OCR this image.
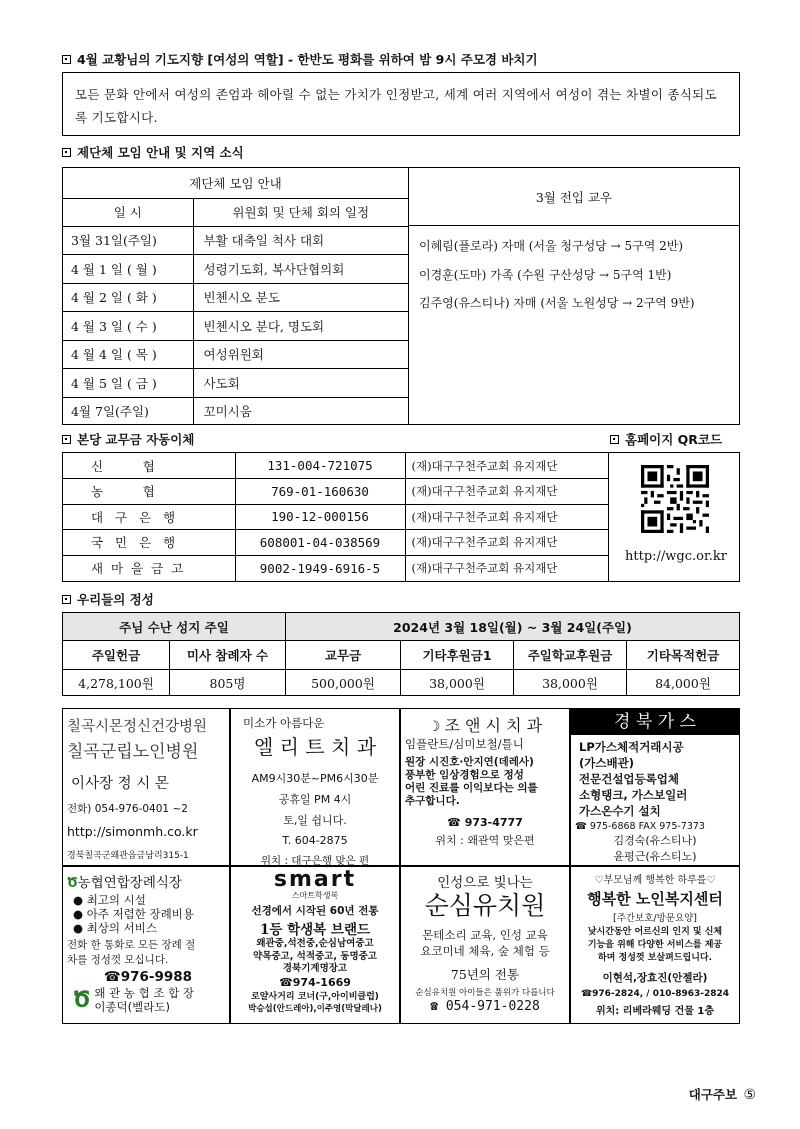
4월 교황님의 기도지향 [여성의 역할] - 한반도 평화를 위하여 밤 9시 주모경 바치기
모든 문화 안에서 여성의 존엄과 헤아릴 수 없는 가치가 인정받고, 세계 여러 지역에서 여성이 겪는 차별이 종식되도록 기도합시다.
제단체 모임 안내 및 지역 소식
제단체 모임 안내	
일 시	위원회 및 단체 회의 일정
3월 31일(주일)	부활 대축일 척사 대회
4 월 1 일 ( 월 )	성령기도회, 복사단협의회
4 월 2 일 ( 화 )	빈첸시오 분도
4 월 3 일 ( 수 )	빈첸시오 분다, 명도회
4 월 4 일 ( 목 )	여성위원회
4 월 5 일 ( 금 )	사도회
4월 7일(주일)	꼬미시움
3월 전입 교우
이혜림(플로라) 자매 (서울 청구성당 → 5구역 2반)
이경훈(도마) 가족 (수원 구산성당 → 5구역 1반)
김주영(유스티나) 자매 (서울 노원성당 → 2구역 9반)
본당 교무금 자동이체	홈페이지 QR코드
신          협	131-004-721075	(재)대구구천주교회 유지재단
농          협	769-01-160630	(재)대구구천주교회 유지재단
대   구   은   행	190-12-000156	(재)대구구천주교회 유지재단
국   민   은   행	608001-04-038569	(재)대구구천주교회 유지재단
새  마  을  금  고	9002-1949-6916-5	(재)대구구천주교회 유지재단
http://wgc.or.kr
우리들의 정성
주님 수난 성지 주일		2024년 3월 18일(월) ~ 3월 24일(주일)			
주일헌금	미사 참례자 수	교무금	기타후원금1	주일학교후원금	기타목적헌금
4,278,100원	805명	500,000원	38,000원	38,000원	84,000원
칠곡시몬정신건강병원
칠곡군립노인병원
이사장 정 시 몬
전화) 054-976-0401 ~2
http://simonmh.co.kr
경북칠곡군왜관읍금남리315-1
미소가 아름다운
엘 리 트 치 과
AM9시30분~PM6시30분
공휴일 PM 4시
토,일 쉽니다.
T. 604-2875
위치 : 대구은행 맞은 편
☽ 조 앤 시 치 과
임플란트/심미보철/틀니
원장 시진호·안지연(데레사)
풍부한 임상경험으로 정성
어린 진료를 이익보다는 의를
추구합니다.
☎ 973-4777
위치 : 왜관역 맞은편
경 북 가 스
LP가스체적거래시공
(가스배관)
전문건설업등록업체
소형탱크, 가스보일러
가스온수기 설치
☎ 975-6868 FAX 975-7373
김경숙(유스티나)
윤평근(유스티노)
Ծ농협연합장례식장
● 최고의 시설
● 아주 저렴한 장례비용
● 최상의 서비스
전화 한 통화로 모든 장례 절
차를 정성껏 모십니다.
☎976-9988
Ծ 왜 관 농 협 조 합 장
이종덕(벨라도)
smart
스마트학생복
선경에서 시작된 60년 전통
1등 학생복 브랜드
왜관중,석전중,순심남여중고
약목중고, 석적중고, 동명중고
경북기계명장고
☎974-1669
로얄사거리 코너(구,아이비클럽)
박승섭(안드레아),이주영(막달레나)
인성으로 빛나는
순심유치원
몬테소리 교육, 인성 교육
요코미네 체육, 숲 체험 등
75년의 전통
순심유치원 아이들은 품위가 다릅니다
☎ 054-971-0228
♡부모님께 행복한 하루를♡
행복한 노인복지센터
[주간보호/방문요양]
낮시간동안 어르신의 인지 및 신체
기능을 위해 다양한 서비스를 제공
하며 정성껏 보살펴드립니다.
이현석,장효진(안젤라)
☎976-2824, / 010-8963-2824
위치: 리베라웨딩 건물 1층
대구주보 ⑤
